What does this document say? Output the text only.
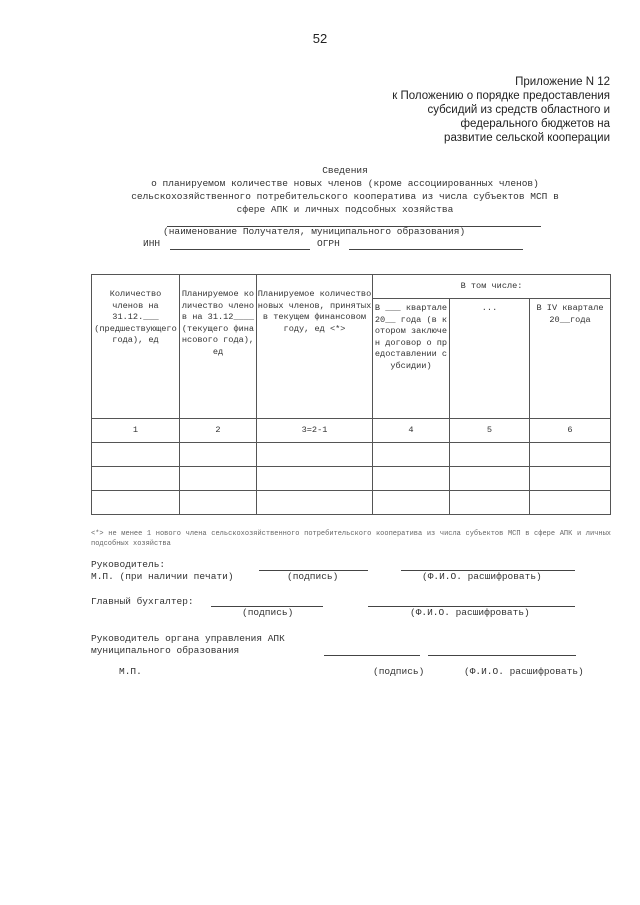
52
Приложение N 12
к Положению о порядке предоставления
субсидий из средств областного и
федерального бюджетов на
развитие сельской кооперации
Сведения
о планируемом количестве новых членов (кроме ассоциированных членов)
сельскохозяйственного потребительского кооператива из числа субъектов МСП в
сфере АПК и личных подсобных хозяйства
(наименование Получателя, муниципального образования)
ИНН	ОГРН
Количество членов на 31.12.___ (предшествующего года), ед	Планируемое количество членов на 31.12____ (текущего финансового года), ед	Планируемое количество новых членов, принятых в текущем финансовом году, ед <*>	В том числе:		
			В ___ квартале 20__ года (в котором заключен договор о предоставлении субсидии)	...	В IV квартале 20__года
1	2	3=2-1	4	5	6

<*> не менее 1 нового члена сельскохозяйственного потребительского кооператива из числа субъектов МСП в сфере АПК и личных подсобных хозяйства
Руководитель:
М.П. (при наличии печати)	(подпись)	(Ф.И.О. расшифровать)
Главный бухгалтер:
(подпись)	(Ф.И.О. расшифровать)
Руководитель органа управления АПК
муниципального образования
М.П.	(подпись)	(Ф.И.О. расшифровать)
